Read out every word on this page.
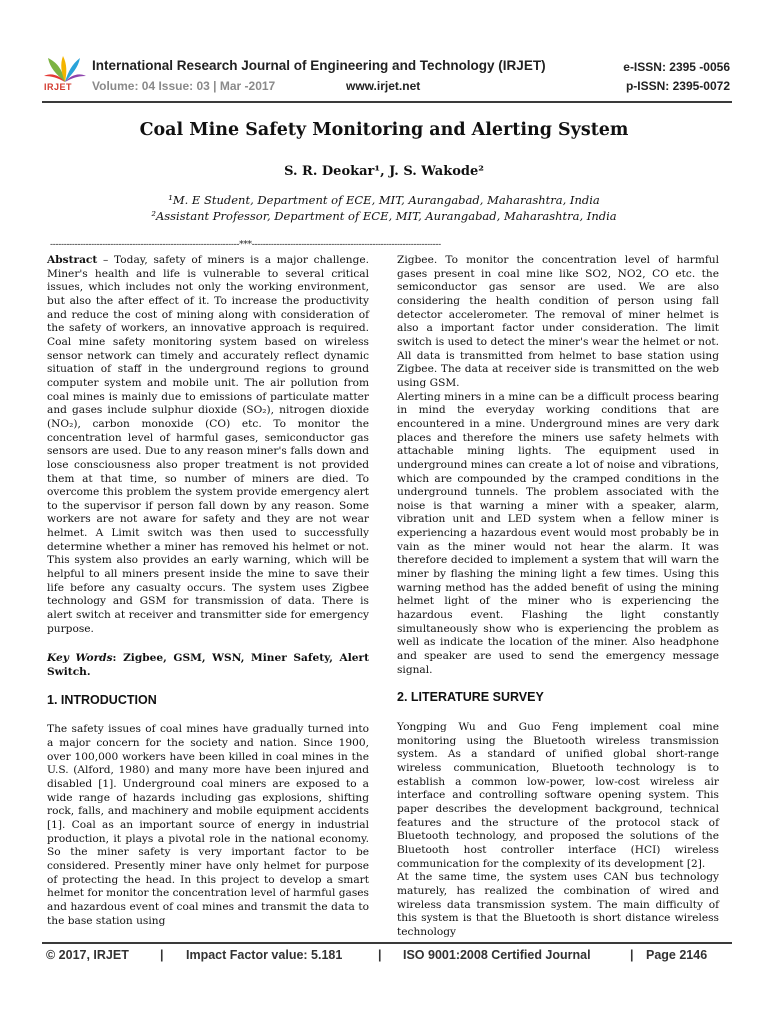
IRJET
International Research Journal of Engineering and Technology (IRJET)	e-ISSN: 2395 -0056
Volume: 04 Issue: 03 | Mar -2017	www.irjet.net	p-ISSN: 2395-0072
Coal Mine Safety Monitoring and Alerting System
S. R. Deokar¹, J. S. Wakode²
¹M. E Student, Department of ECE, MIT, Aurangabad, Maharashtra, India
²Assistant Professor, Department of ECE, MIT, Aurangabad, Maharashtra, India
---------------------------------------------------------------------***---------------------------------------------------------------------

Abstract – Today, safety of miners is a major challenge. Miner's health and life is vulnerable to several critical issues, which includes not only the working environment, but also the after effect of it. To increase the productivity and reduce the cost of mining along with consideration of the safety of workers, an innovative approach is required. Coal mine safety monitoring system based on wireless sensor network can timely and accurately reflect dynamic situation of staff in the underground regions to ground computer system and mobile unit. The air pollution from coal mines is mainly due to emissions of particulate matter and gases include sulphur dioxide (SO₂), nitrogen dioxide (NO₂), carbon monoxide (CO) etc. To monitor the concentration level of harmful gases, semiconductor gas sensors are used. Due to any reason miner's falls down and lose consciousness also proper treatment is not provided them at that time, so number of miners are died. To overcome this problem the system provide emergency alert to the supervisor if person fall down by any reason. Some workers are not aware for safety and they are not wear helmet. A Limit switch was then used to successfully determine whether a miner has removed his helmet or not. This system also provides an early warning, which will be helpful to all miners present inside the mine to save their life before any casualty occurs. The system uses Zigbee technology and GSM for transmission of data. There is alert switch at receiver and transmitter side for emergency purpose.

Key Words: Zigbee, GSM, WSN, Miner Safety, Alert Switch.

1. INTRODUCTION

The safety issues of coal mines have gradually turned into a major concern for the society and nation. Since 1900, over 100,000 workers have been killed in coal mines in the U.S. (Alford, 1980) and many more have been injured and disabled [1]. Underground coal miners are exposed to a wide range of hazards including gas explosions, shifting rock, falls, and machinery and mobile equipment accidents [1]. Coal as an important source of energy in industrial production, it plays a pivotal role in the national economy. So the miner safety is very important factor to be considered. Presently miner have only helmet for purpose of protecting the head. In this project to develop a smart helmet for monitor the concentration level of harmful gases and hazardous event of coal mines and transmit the data to the base station using

Zigbee. To monitor the concentration level of harmful gases present in coal mine like SO2, NO2, CO etc. the semiconductor gas sensor are used. We are also considering the health condition of person using fall detector accelerometer. The removal of miner helmet is also a important factor under consideration. The limit switch is used to detect the miner's wear the helmet or not. All data is transmitted from helmet to base station using Zigbee. The data at receiver side is transmitted on the web using GSM.

Alerting miners in a mine can be a difficult process bearing in mind the everyday working conditions that are encountered in a mine. Underground mines are very dark places and therefore the miners use safety helmets with attachable mining lights. The equipment used in underground mines can create a lot of noise and vibrations, which are compounded by the cramped conditions in the underground tunnels. The problem associated with the noise is that warning a miner with a speaker, alarm, vibration unit and LED system when a fellow miner is experiencing a hazardous event would most probably be in vain as the miner would not hear the alarm. It was therefore decided to implement a system that will warn the miner by flashing the mining light a few times. Using this warning method has the added benefit of using the mining helmet light of the miner who is experiencing the hazardous event. Flashing the light constantly simultaneously show who is experiencing the problem as well as indicate the location of the miner. Also headphone and speaker are used to send the emergency message signal.

2. LITERATURE SURVEY

Yongping Wu and Guo Feng implement coal mine monitoring using the Bluetooth wireless transmission system. As a standard of unified global short-range wireless communication, Bluetooth technology is to establish a common low-power, low-cost wireless air interface and controlling software opening system. This paper describes the development background, technical features and the structure of the protocol stack of Bluetooth technology, and proposed the solutions of the Bluetooth host controller interface (HCI) wireless communication for the complexity of its development [2].

At the same time, the system uses CAN bus technology maturely, has realized the combination of wired and wireless data transmission system. The main difficulty of this system is that the Bluetooth is short distance wireless technology

© 2017, IRJET | Impact Factor value: 5.181	| ISO 9001:2008 Certified Journal	| Page 2146
